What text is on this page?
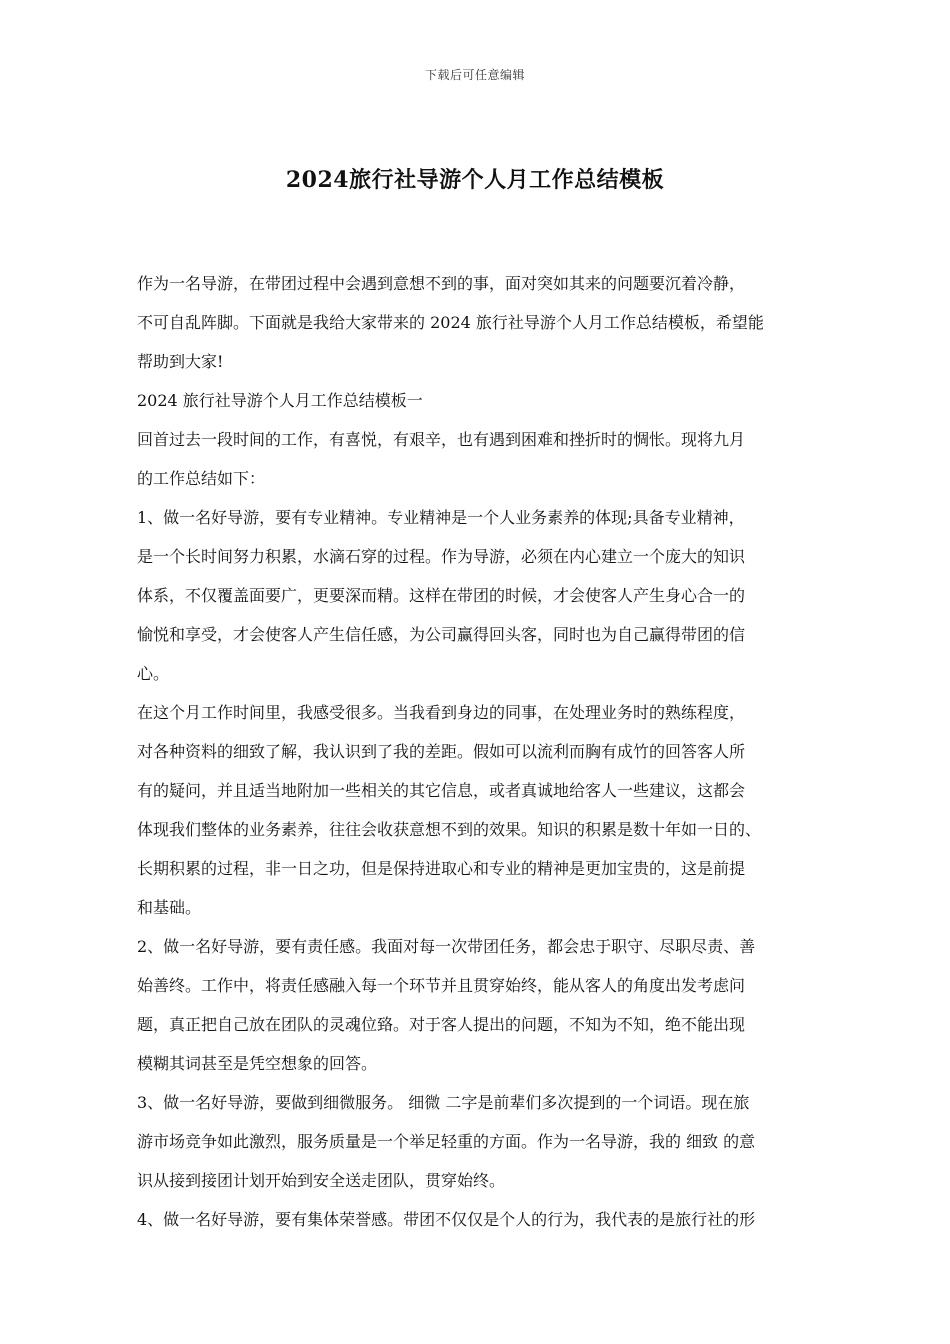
下载后可任意编辑
2024旅行社导游个人月工作总结模板
作为一名导游，在带团过程中会遇到意想不到的事，面对突如其来的问题要沉着冷静，
不可自乱阵脚。下面就是我给大家带来的 2024 旅行社导游个人月工作总结模板，希望能
帮助到大家!
2024 旅行社导游个人月工作总结模板一
回首过去一段时间的工作，有喜悦，有艰辛，也有遇到困难和挫折时的惆怅。现将九月
的工作总结如下：
1、做一名好导游，要有专业精神。专业精神是一个人业务素养的体现;具备专业精神，
是一个长时间努力积累，水滴石穿的过程。作为导游，必须在内心建立一个庞大的知识
体系，不仅覆盖面要广，更要深而精。这样在带团的时候，才会使客人产生身心合一的
愉悦和享受，才会使客人产生信任感，为公司赢得回头客，同时也为自己赢得带团的信
心。
在这个月工作时间里，我感受很多。当我看到身边的同事，在处理业务时的熟练程度，
对各种资料的细致了解，我认识到了我的差距。假如可以流利而胸有成竹的回答客人所
有的疑问，并且适当地附加一些相关的其它信息，或者真诚地给客人一些建议，这都会
体现我们整体的业务素养，往往会收获意想不到的效果。知识的积累是数十年如一日的、
长期积累的过程，非一日之功，但是保持进取心和专业的精神是更加宝贵的，这是前提
和基础。
2、做一名好导游，要有责任感。我面对每一次带团任务，都会忠于职守、尽职尽责、善
始善终。工作中，将责任感融入每一个环节并且贯穿始终，能从客人的角度出发考虑问
题，真正把自己放在团队的灵魂位臵。对于客人提出的问题，不知为不知，绝不能出现
模糊其词甚至是凭空想象的回答。
3、做一名好导游，要做到细微服务。 细微 二字是前辈们多次提到的一个词语。现在旅
游市场竞争如此激烈，服务质量是一个举足轻重的方面。作为一名导游，我的 细致 的意
识从接到接团计划开始到安全送走团队，贯穿始终。
4、做一名好导游，要有集体荣誉感。带团不仅仅是个人的行为，我代表的是旅行社的形
